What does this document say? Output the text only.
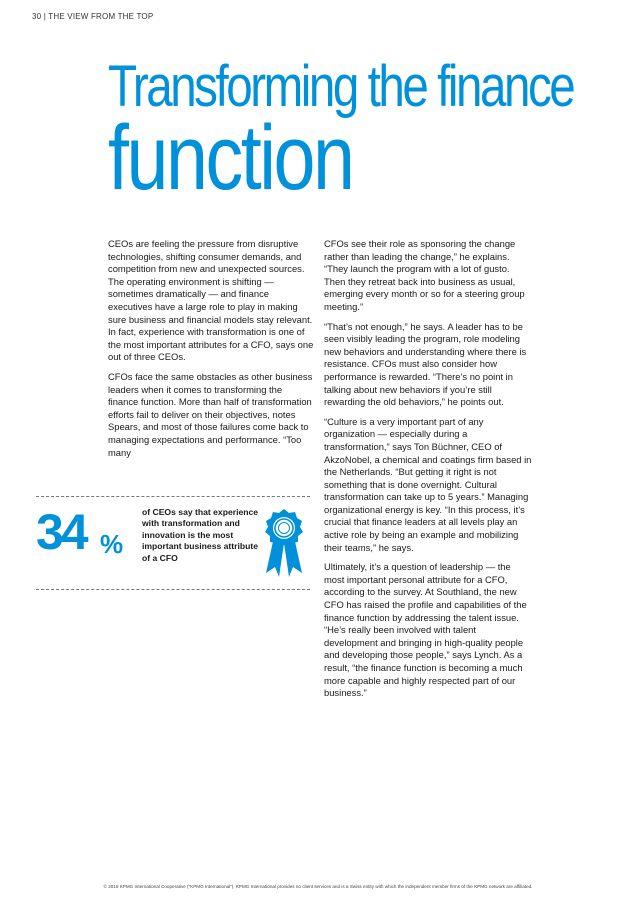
30 | THE VIEW FROM THE TOP
Transforming the finance
function

CEOs are feeling the pressure from disruptive technologies, shifting consumer demands, and competition from new and unexpected sources. The operating environment is shifting — sometimes dramatically — and finance executives have a large role to play in making sure business and financial models stay relevant. In fact, experience with transformation is one of the most important attributes for a CFO, says one out of three CEOs.

CFOs face the same obstacles as other business leaders when it comes to transforming the finance function. More than half of transformation efforts fail to deliver on their objectives, notes Spears, and most of those failures come back to managing expectations and performance. “Too many

CFOs see their role as sponsoring the change rather than leading the change,” he explains. “They launch the program with a lot of gusto. Then they retreat back into business as usual, emerging every month or so for a steering group meeting.”

“That’s not enough,” he says. A leader has to be seen visibly leading the program, role modeling new behaviors and understanding where there is resistance. CFOs must also consider how performance is rewarded. “There’s no point in talking about new behaviors if you’re still rewarding the old behaviors,” he points out.

“Culture is a very important part of any organization — especially during a transformation,” says Ton Büchner, CEO of AkzoNobel, a chemical and coatings firm based in the Netherlands. “But getting it right is not something that is done overnight. Cultural transformation can take up to 5 years.” Managing organizational energy is key. “In this process, it’s crucial that finance leaders at all levels play an active role by being an example and mobilizing their teams,” he says.

Ultimately, it’s a question of leadership — the most important personal attribute for a CFO, according to the survey. At Southland, the new CFO has raised the profile and capabilities of the finance function by addressing the talent issue. “He’s really been involved with talent development and bringing in high-quality people and developing those people,” says Lynch. As a result, “the finance function is becoming a much more capable and highly respected part of our business.”

34 %
of CEOs say that experience with transformation and innovation is the most important business attribute of a CFO
© 2015 KPMG International Cooperative (“KPMG International”). KPMG International provides no client services and is a Swiss entity with which the independent member firms of the KPMG network are affiliated.
